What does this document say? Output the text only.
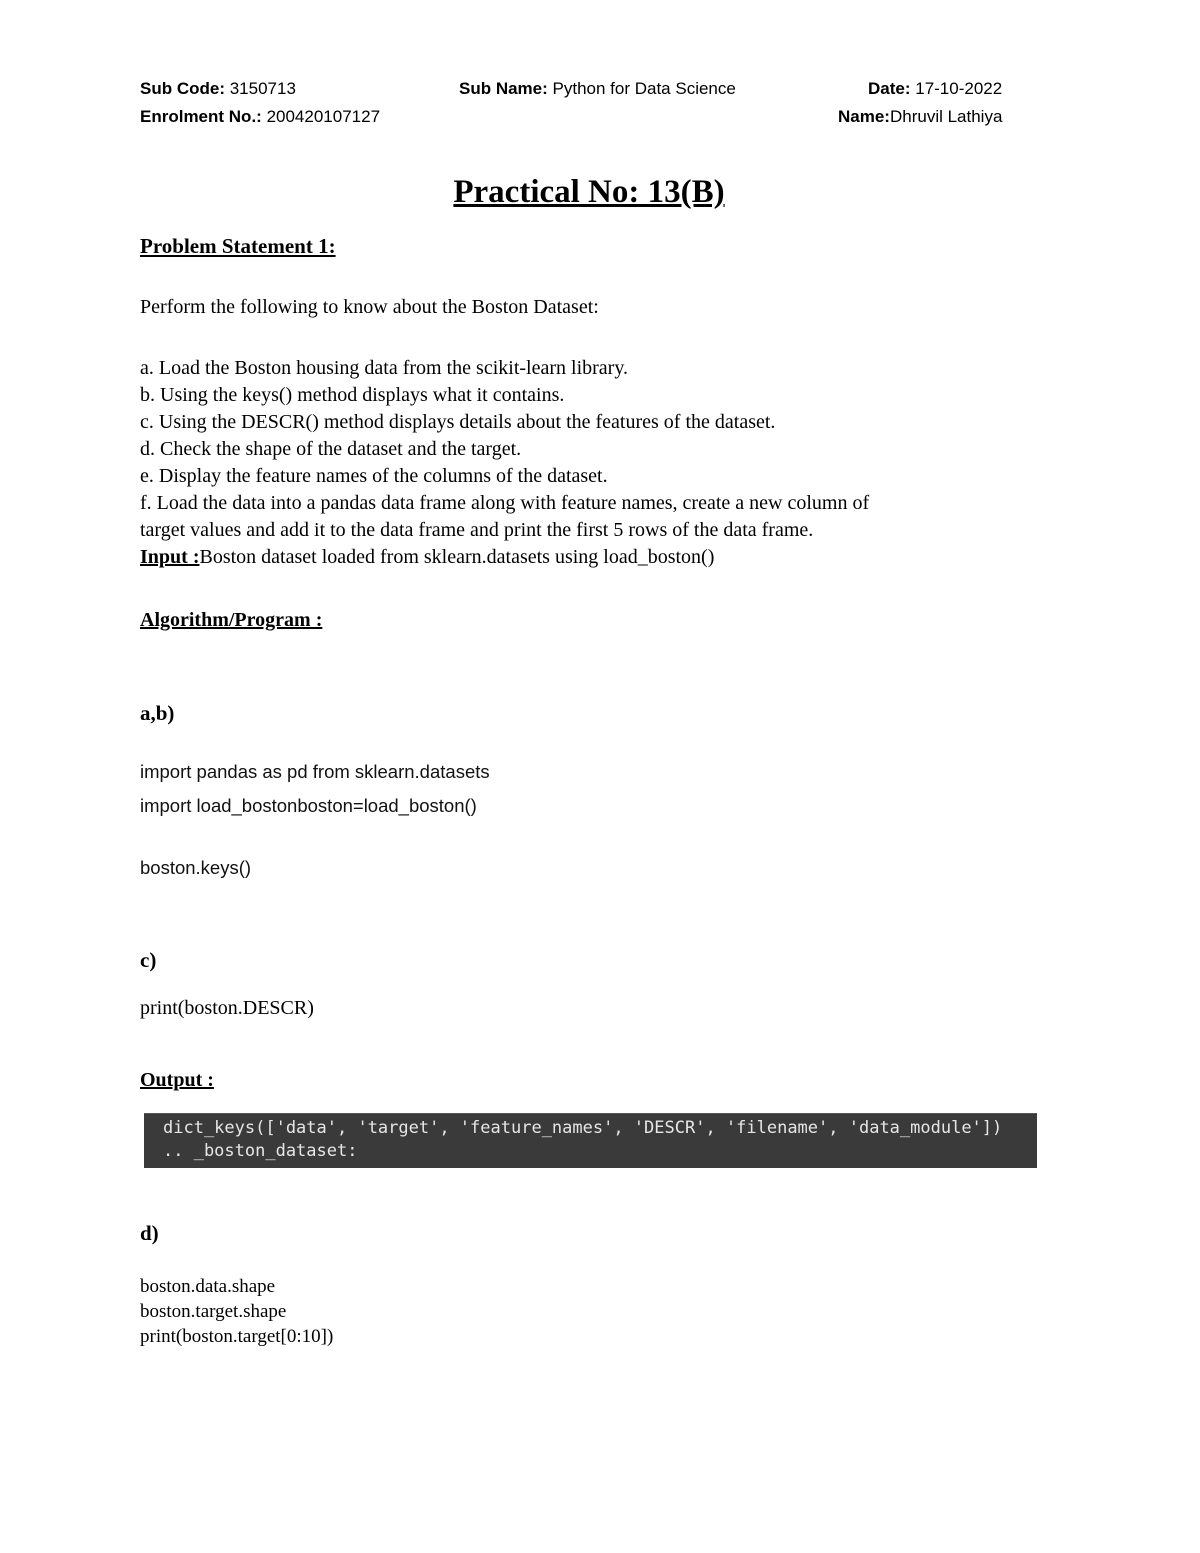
Sub Code: 3150713	Sub Name: Python for Data Science	Date: 17-10-2022
Enrolment No.: 200420107127	Name:Dhruvil Lathiya
Practical No: 13(B)
Problem Statement 1:
Perform the following to know about the Boston Dataset:
a. Load the Boston housing data from the scikit-learn library.
b. Using the keys() method displays what it contains.
c. Using the DESCR() method displays details about the features of the dataset.
d. Check the shape of the dataset and the target.
e. Display the feature names of the columns of the dataset.
f. Load the data into a pandas data frame along with feature names, create a new column of
target values and add it to the data frame and print the first 5 rows of the data frame.
Input :Boston dataset loaded from sklearn.datasets using load_boston()
Algorithm/Program :
a,b)
import pandas as pd from sklearn.datasets
import load_bostonboston=load_boston()
boston.keys()
c)
print(boston.DESCR)
Output :
dict_keys(['data', 'target', 'feature_names', 'DESCR', 'filename', 'data_module'])
.. _boston_dataset:
d)
boston.data.shape
boston.target.shape
print(boston.target[0:10])
